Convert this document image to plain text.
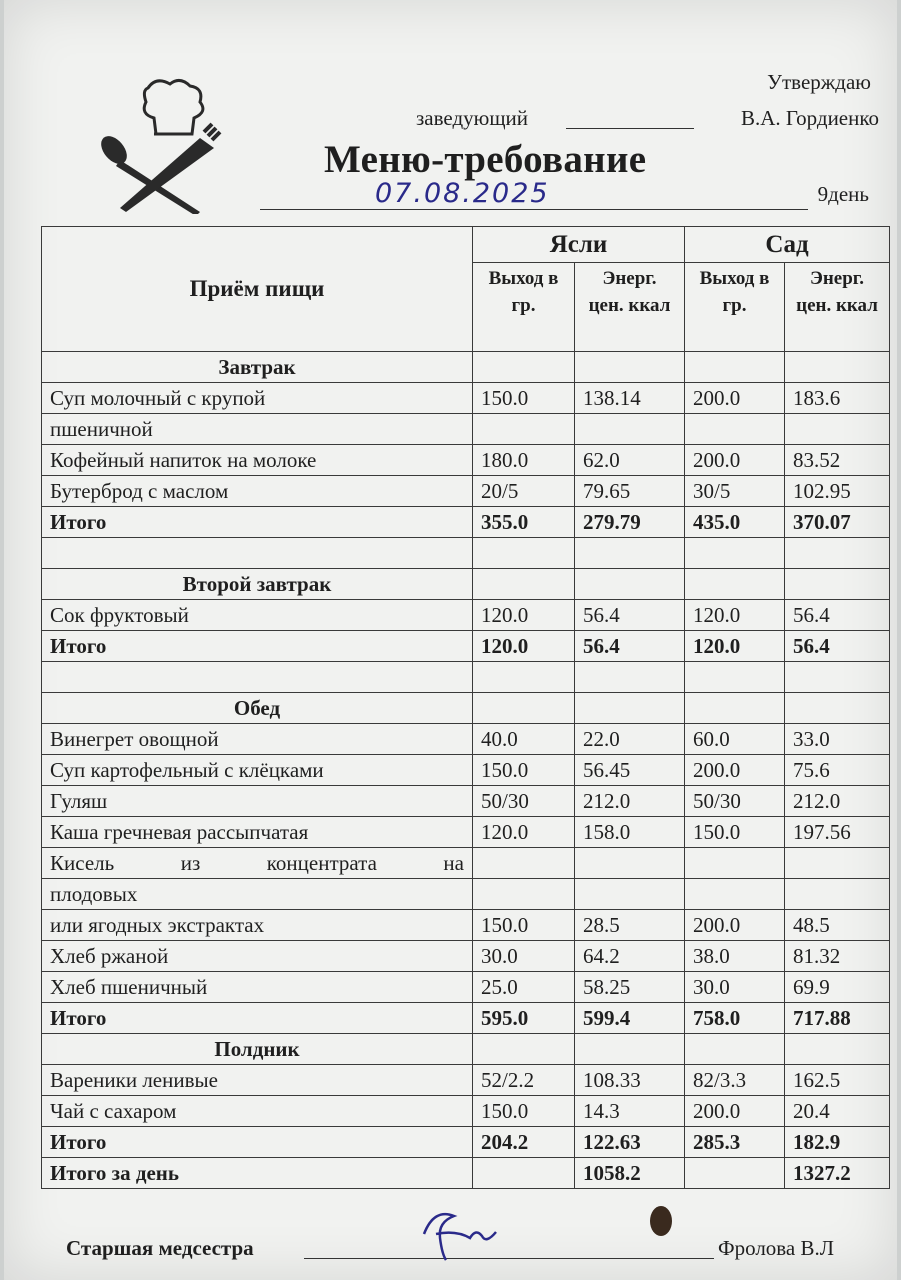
Утверждаю
заведующий	В.А. Гордиенко
Меню-требование
07.08.2025	9день
Приём пищи	Ясли		Сад	
	Выход в гр.	Энерг. цен. ккал	Выход в гр.	Энерг. цен. ккал
Завтрак				
Суп молочный с крупой	150.0	138.14	200.0	183.6
пшеничной				
Кофейный напиток на молоке	180.0	62.0	200.0	83.52
Бутерброд с маслом	20/5	79.65	30/5	102.95
Итого	355.0	279.79	435.0	370.07

Второй завтрак				
Сок фруктовый	120.0	56.4	120.0	56.4
Итого	120.0	56.4	120.0	56.4

Обед				
Винегрет овощной	40.0	22.0	60.0	33.0
Суп картофельный с клёцками	150.0	56.45	200.0	75.6
Гуляш	50/30	212.0	50/30	212.0
Каша гречневая рассыпчатая	120.0	158.0	150.0	197.56
Кисель из концентрата на				
плодовых				
или ягодных экстрактах	150.0	28.5	200.0	48.5
Хлеб ржаной	30.0	64.2	38.0	81.32
Хлеб пшеничный	25.0	58.25	30.0	69.9
Итого	595.0	599.4	758.0	717.88
Полдник				
Вареники ленивые	52/2.2	108.33	82/3.3	162.5
Чай с сахаром	150.0	14.3	200.0	20.4
Итого	204.2	122.63	285.3	182.9
Итого за день		1058.2		1327.2
Старшая медсестра	Фролова В.Л
